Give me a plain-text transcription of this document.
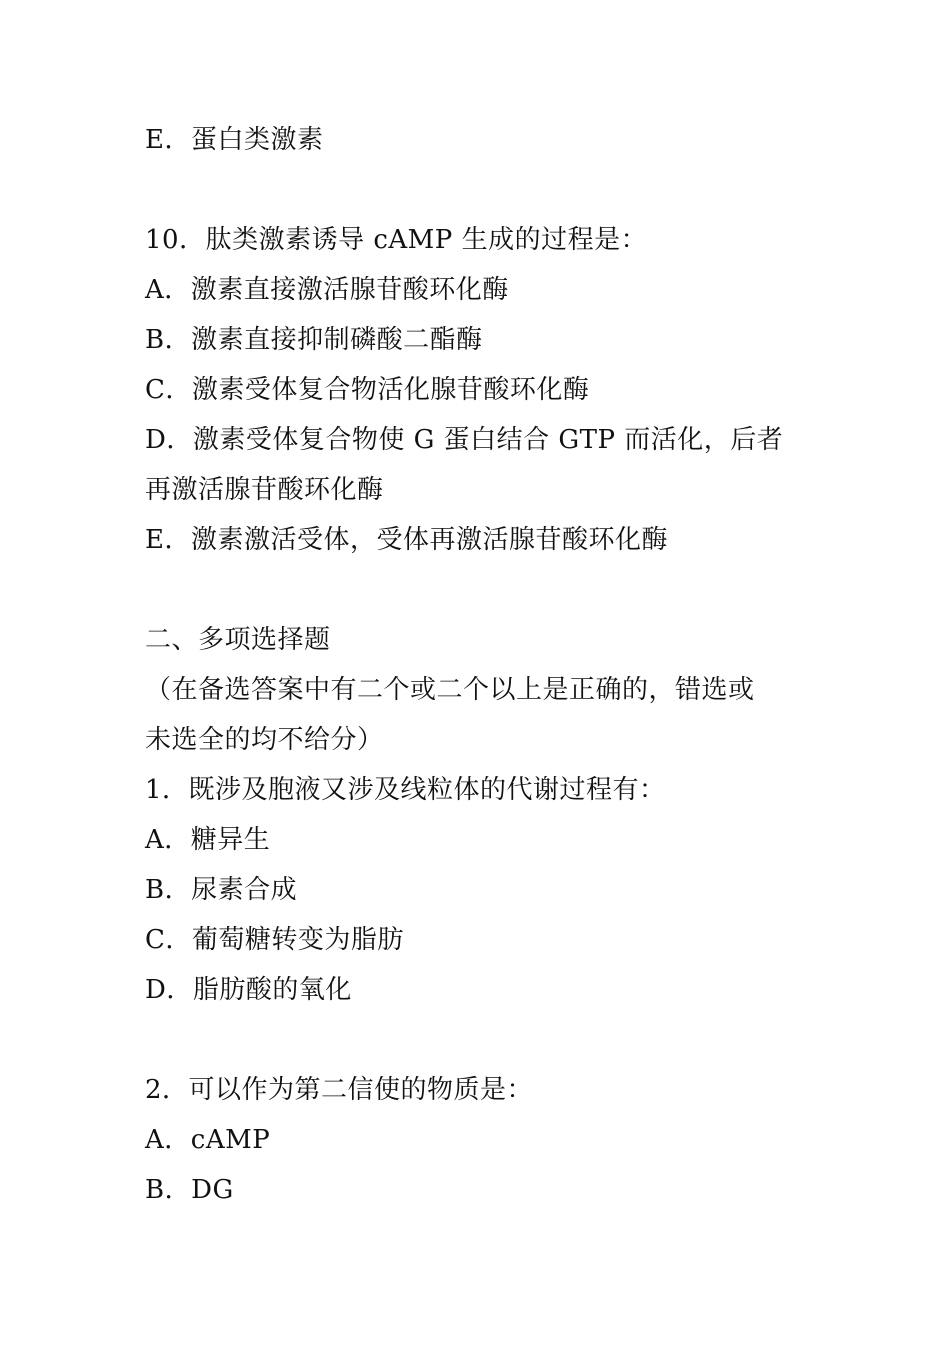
E．蛋白类激素
10．肽类激素诱导 cAMP 生成的过程是：
A．激素直接激活腺苷酸环化酶
B．激素直接抑制磷酸二酯酶
C．激素受体复合物活化腺苷酸环化酶
D．激素受体复合物使 G 蛋白结合 GTP 而活化，后者
再激活腺苷酸环化酶
E．激素激活受体，受体再激活腺苷酸环化酶
二、多项选择题
（在备选答案中有二个或二个以上是正确的，错选或
未选全的均不给分）
1．既涉及胞液又涉及线粒体的代谢过程有：
A．糖异生
B．尿素合成
C．葡萄糖转变为脂肪
D．脂肪酸的氧化
2．可以作为第二信使的物质是：
A．cAMP
B．DG
